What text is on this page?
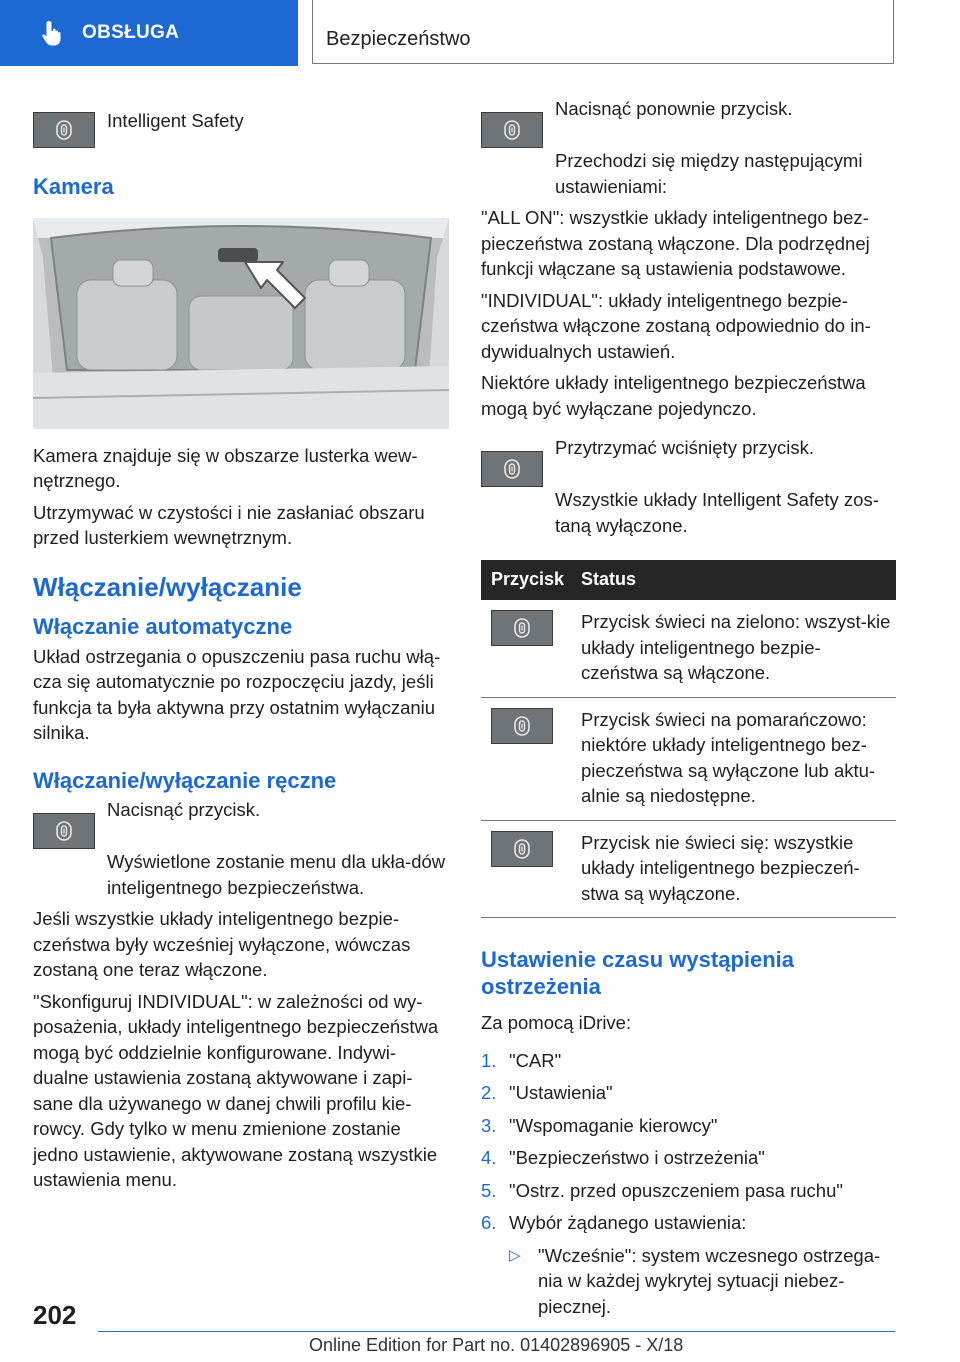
OBSŁUGA	Bezpieczeństwo
Intelligent Safety
Kamera

Kamera znajduje się w obszarze lusterka wew-nętrznego.

Utrzymywać w czystości i nie zasłaniać obszaru przed lusterkiem wewnętrznym.

Włączanie/wyłączanie
Włączanie automatyczne

Układ ostrzegania o opuszczeniu pasa ruchu włą-cza się automatycznie po rozpoczęciu jazdy, jeśli funkcja ta była aktywna przy ostatnim wyłączaniu silnika.

Włączanie/wyłączanie ręczne

Nacisnąć przycisk.

Wyświetlone zostanie menu dla ukła-dów inteligentnego bezpieczeństwa.

Jeśli wszystkie układy inteligentnego bezpie-czeństwa były wcześniej wyłączone, wówczas zostaną one teraz włączone.

"Skonfiguruj INDIVIDUAL": w zależności od wy-posażenia, układy inteligentnego bezpieczeństwa mogą być oddzielnie konfigurowane. Indywi-dualne ustawienia zostaną aktywowane i zapi-sane dla używanego w danej chwili profilu kie-rowcy. Gdy tylko w menu zmienione zostanie jedno ustawienie, aktywowane zostaną wszystkie ustawienia menu.

Nacisnąć ponownie przycisk.

Przechodzi się między następującymi ustawieniami:

"ALL ON": wszystkie układy inteligentnego bez-pieczeństwa zostaną włączone. Dla podrzędnej funkcji włączane są ustawienia podstawowe.

"INDIVIDUAL": układy inteligentnego bezpie-czeństwa włączone zostaną odpowiednio do in-dywidualnych ustawień.

Niektóre układy inteligentnego bezpieczeństwa mogą być wyłączane pojedynczo.

Przytrzymać wciśnięty przycisk.

Wszystkie układy Intelligent Safety zos-taną wyłączone.

Przycisk	Status

	Przycisk świeci na zielono: wszyst-kie układy inteligentnego bezpie-czeństwa są włączone.

	Przycisk świeci na pomarańczowo: niektóre układy inteligentnego bez-pieczeństwa są wyłączone lub aktu-alnie są niedostępne.

	Przycisk nie świeci się: wszystkie układy inteligentnego bezpieczeń-stwa są wyłączone.
Ustawienie czasu wystąpienia ostrzeżenia

Za pomocą iDrive:

1. "CAR"
2. "Ustawienia"
3. "Wspomaganie kierowcy"
4. "Bezpieczeństwo i ostrzeżenia"
5. "Ostrz. przed opuszczeniem pasa ruchu"
6. Wybór żądanego ustawienia:
▷ "Wcześnie": system wczesnego ostrzega-nia w każdej wykrytej sytuacji niebez-piecznej.
202
Online Edition for Part no. 01402896905 - X/18
